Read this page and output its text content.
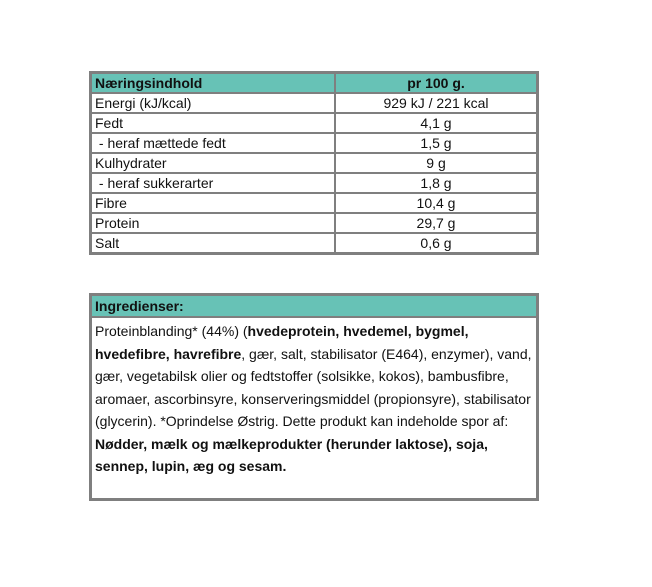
Næringsindhold	pr 100 g.
Energi (kJ/kcal)	929 kJ / 221 kcal
Fedt	4,1 g
- heraf mættede fedt	1,5 g
Kulhydrater	9 g
- heraf sukkerarter	1,8 g
Fibre	10,4 g
Protein	29,7 g
Salt	0,6 g
Ingredienser:
Proteinblanding* (44%) (hvedeprotein, hvedemel, bygmel, hvedefibre, havrefibre, gær, salt, stabilisator (E464), enzymer), vand, gær, vegetabilsk olier og fedtstoffer (solsikke, kokos), bambusfibre, aromaer, ascorbinsyre, konserveringsmiddel (propionsyre), stabilisator (glycerin). *Oprindelse Østrig. Dette produkt kan indeholde spor af: Nødder, mælk og mælkeprodukter (herunder laktose), soja, sennep, lupin, æg og sesam.
